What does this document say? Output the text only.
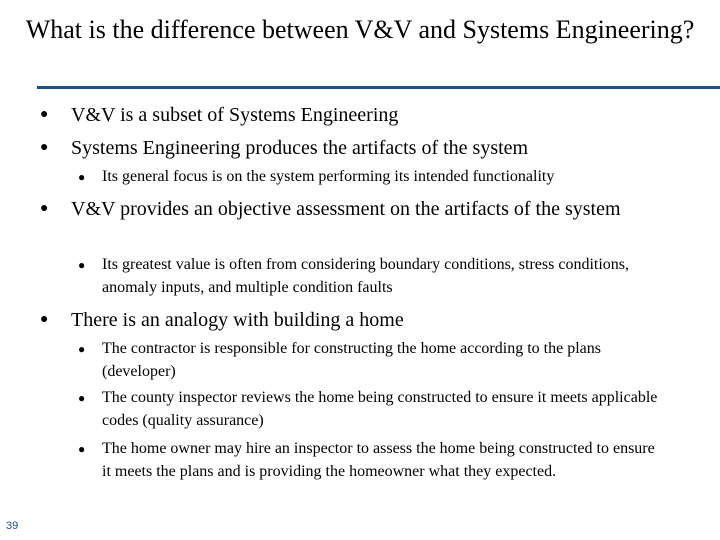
What is the difference between V&V and Systems Engineering?
● V&V is a subset of Systems Engineering
● Systems Engineering produces the artifacts of the system
● Its general focus is on the system performing its intended functionality
● V&V provides an objective assessment on the artifacts of the system
● Its greatest value is often from considering boundary conditions, stress conditions, anomaly inputs, and multiple condition faults
● There is an analogy with building a home
● The contractor is responsible for constructing the home according to the plans (developer)
● The county inspector reviews the home being constructed to ensure it meets applicable codes (quality assurance)
● The home owner may hire an inspector to assess the home being constructed to ensure it meets the plans and is providing the homeowner what they expected.
39
